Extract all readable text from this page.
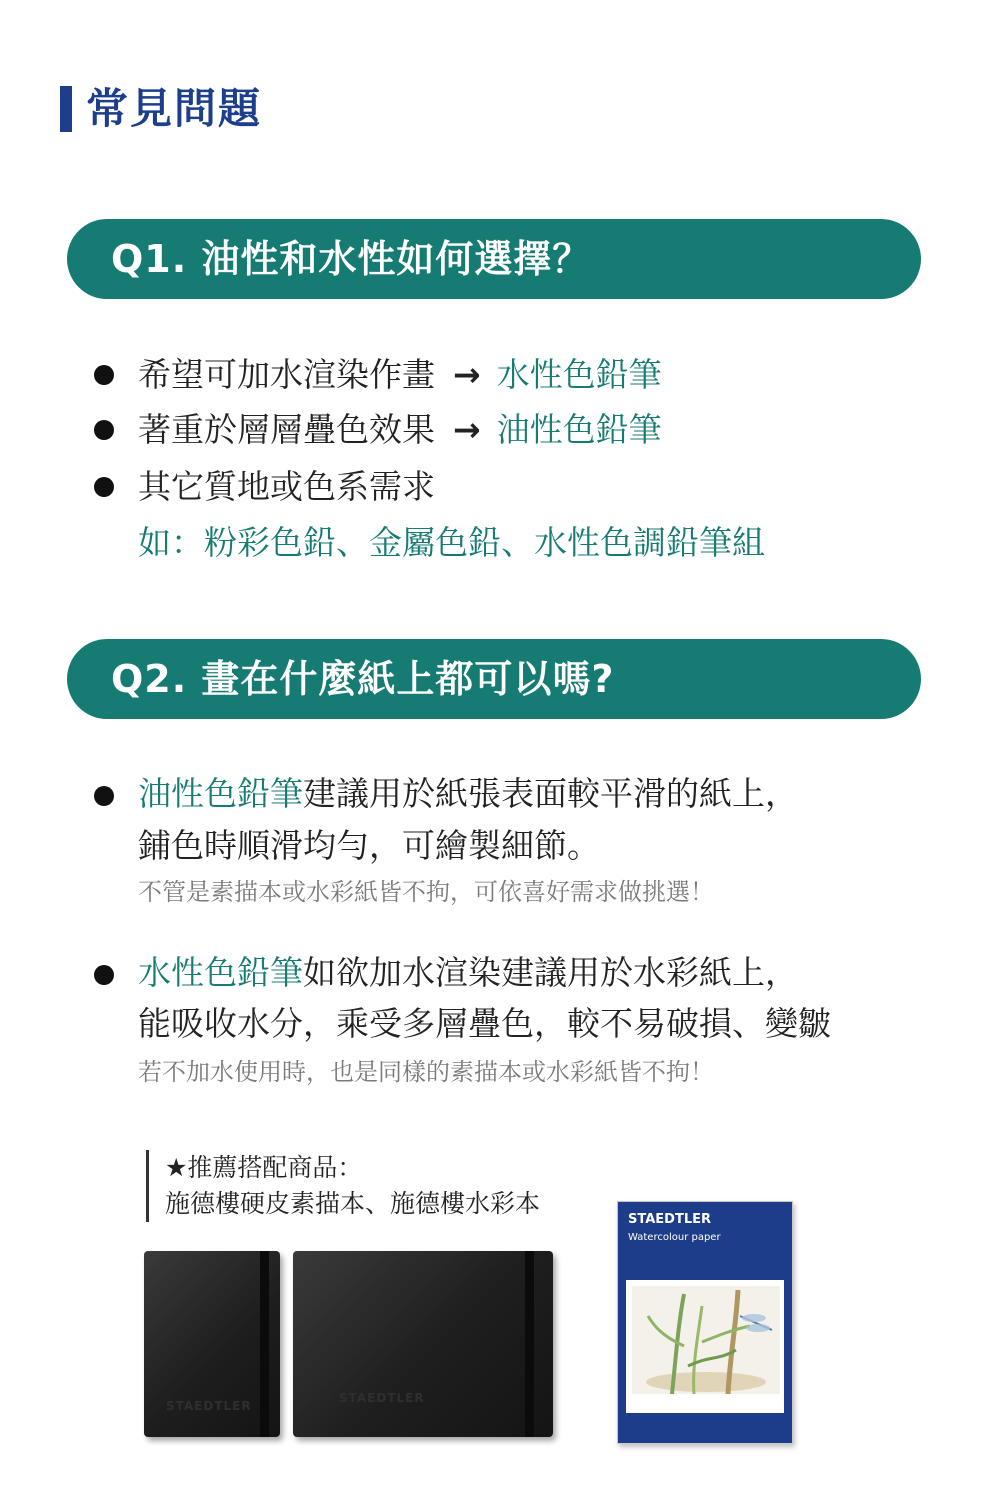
常見問題
Q1. 油性和水性如何選擇？
希望可加水渲染作畫 → 水性色鉛筆
著重於層層疊色效果 → 油性色鉛筆
其它質地或色系需求
如：粉彩色鉛、金屬色鉛、水性色調鉛筆組
Q2. 畫在什麼紙上都可以嗎?
油性色鉛筆建議用於紙張表面較平滑的紙上，
鋪色時順滑均勻，可繪製細節。
不管是素描本或水彩紙皆不拘，可依喜好需求做挑選！
水性色鉛筆如欲加水渲染建議用於水彩紙上，
能吸收水分，乘受多層疊色，較不易破損、變皺
若不加水使用時，也是同樣的素描本或水彩紙皆不拘！
★推薦搭配商品：
施德樓硬皮素描本、施德樓水彩本
STAEDTLER
STAEDTLER
STAEDTLER
Watercolour paper
